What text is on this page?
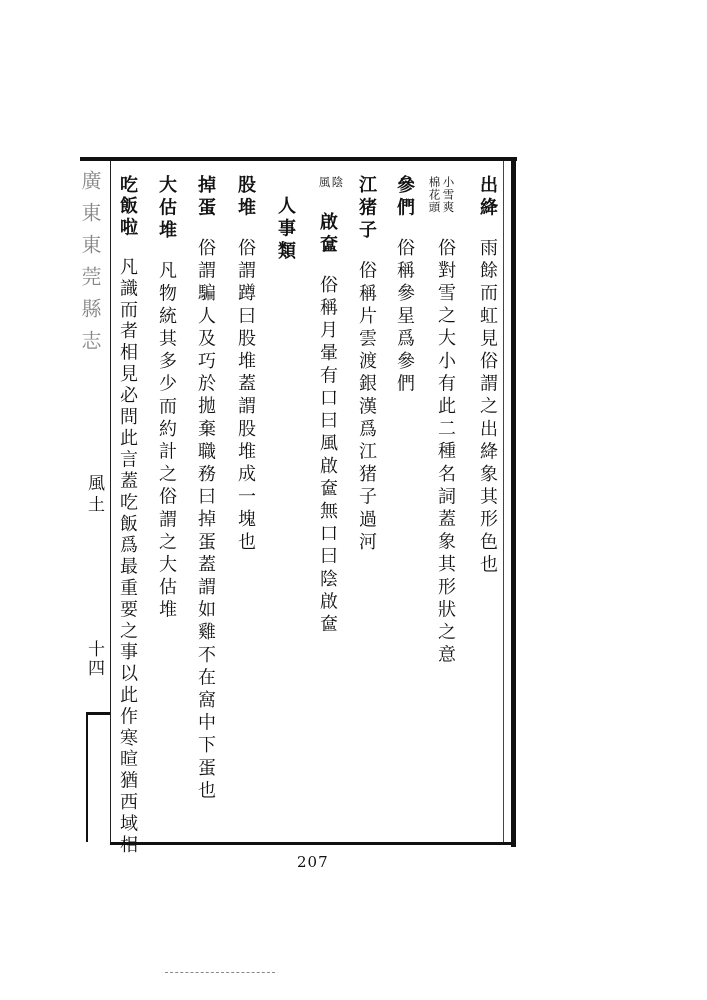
廣東東莞縣志
風土
十四
出絳雨餘而虹見俗謂之出絳象其形色也
小雪爽
棉花頭
俗對雪之大小有此二種名詞蓋象其形狀之意
參們俗稱參星爲參們
江猪子俗稱片雲渡銀漢爲江猪子過河
陰
風
啟奩俗稱月暈有口曰風啟奩無口曰陰啟奩
人事類
股堆俗謂蹲曰股堆蓋謂股堆成一塊也
掉蛋俗謂騙人及巧於拋棄職務曰掉蛋蓋謂如雞不在窩中下蛋也
大估堆凡物統其多少而約計之俗謂之大估堆
吃飯啦凡識而者相見必問此言蓋吃飯爲最重要之事以此作寒暄猶西域相
207
